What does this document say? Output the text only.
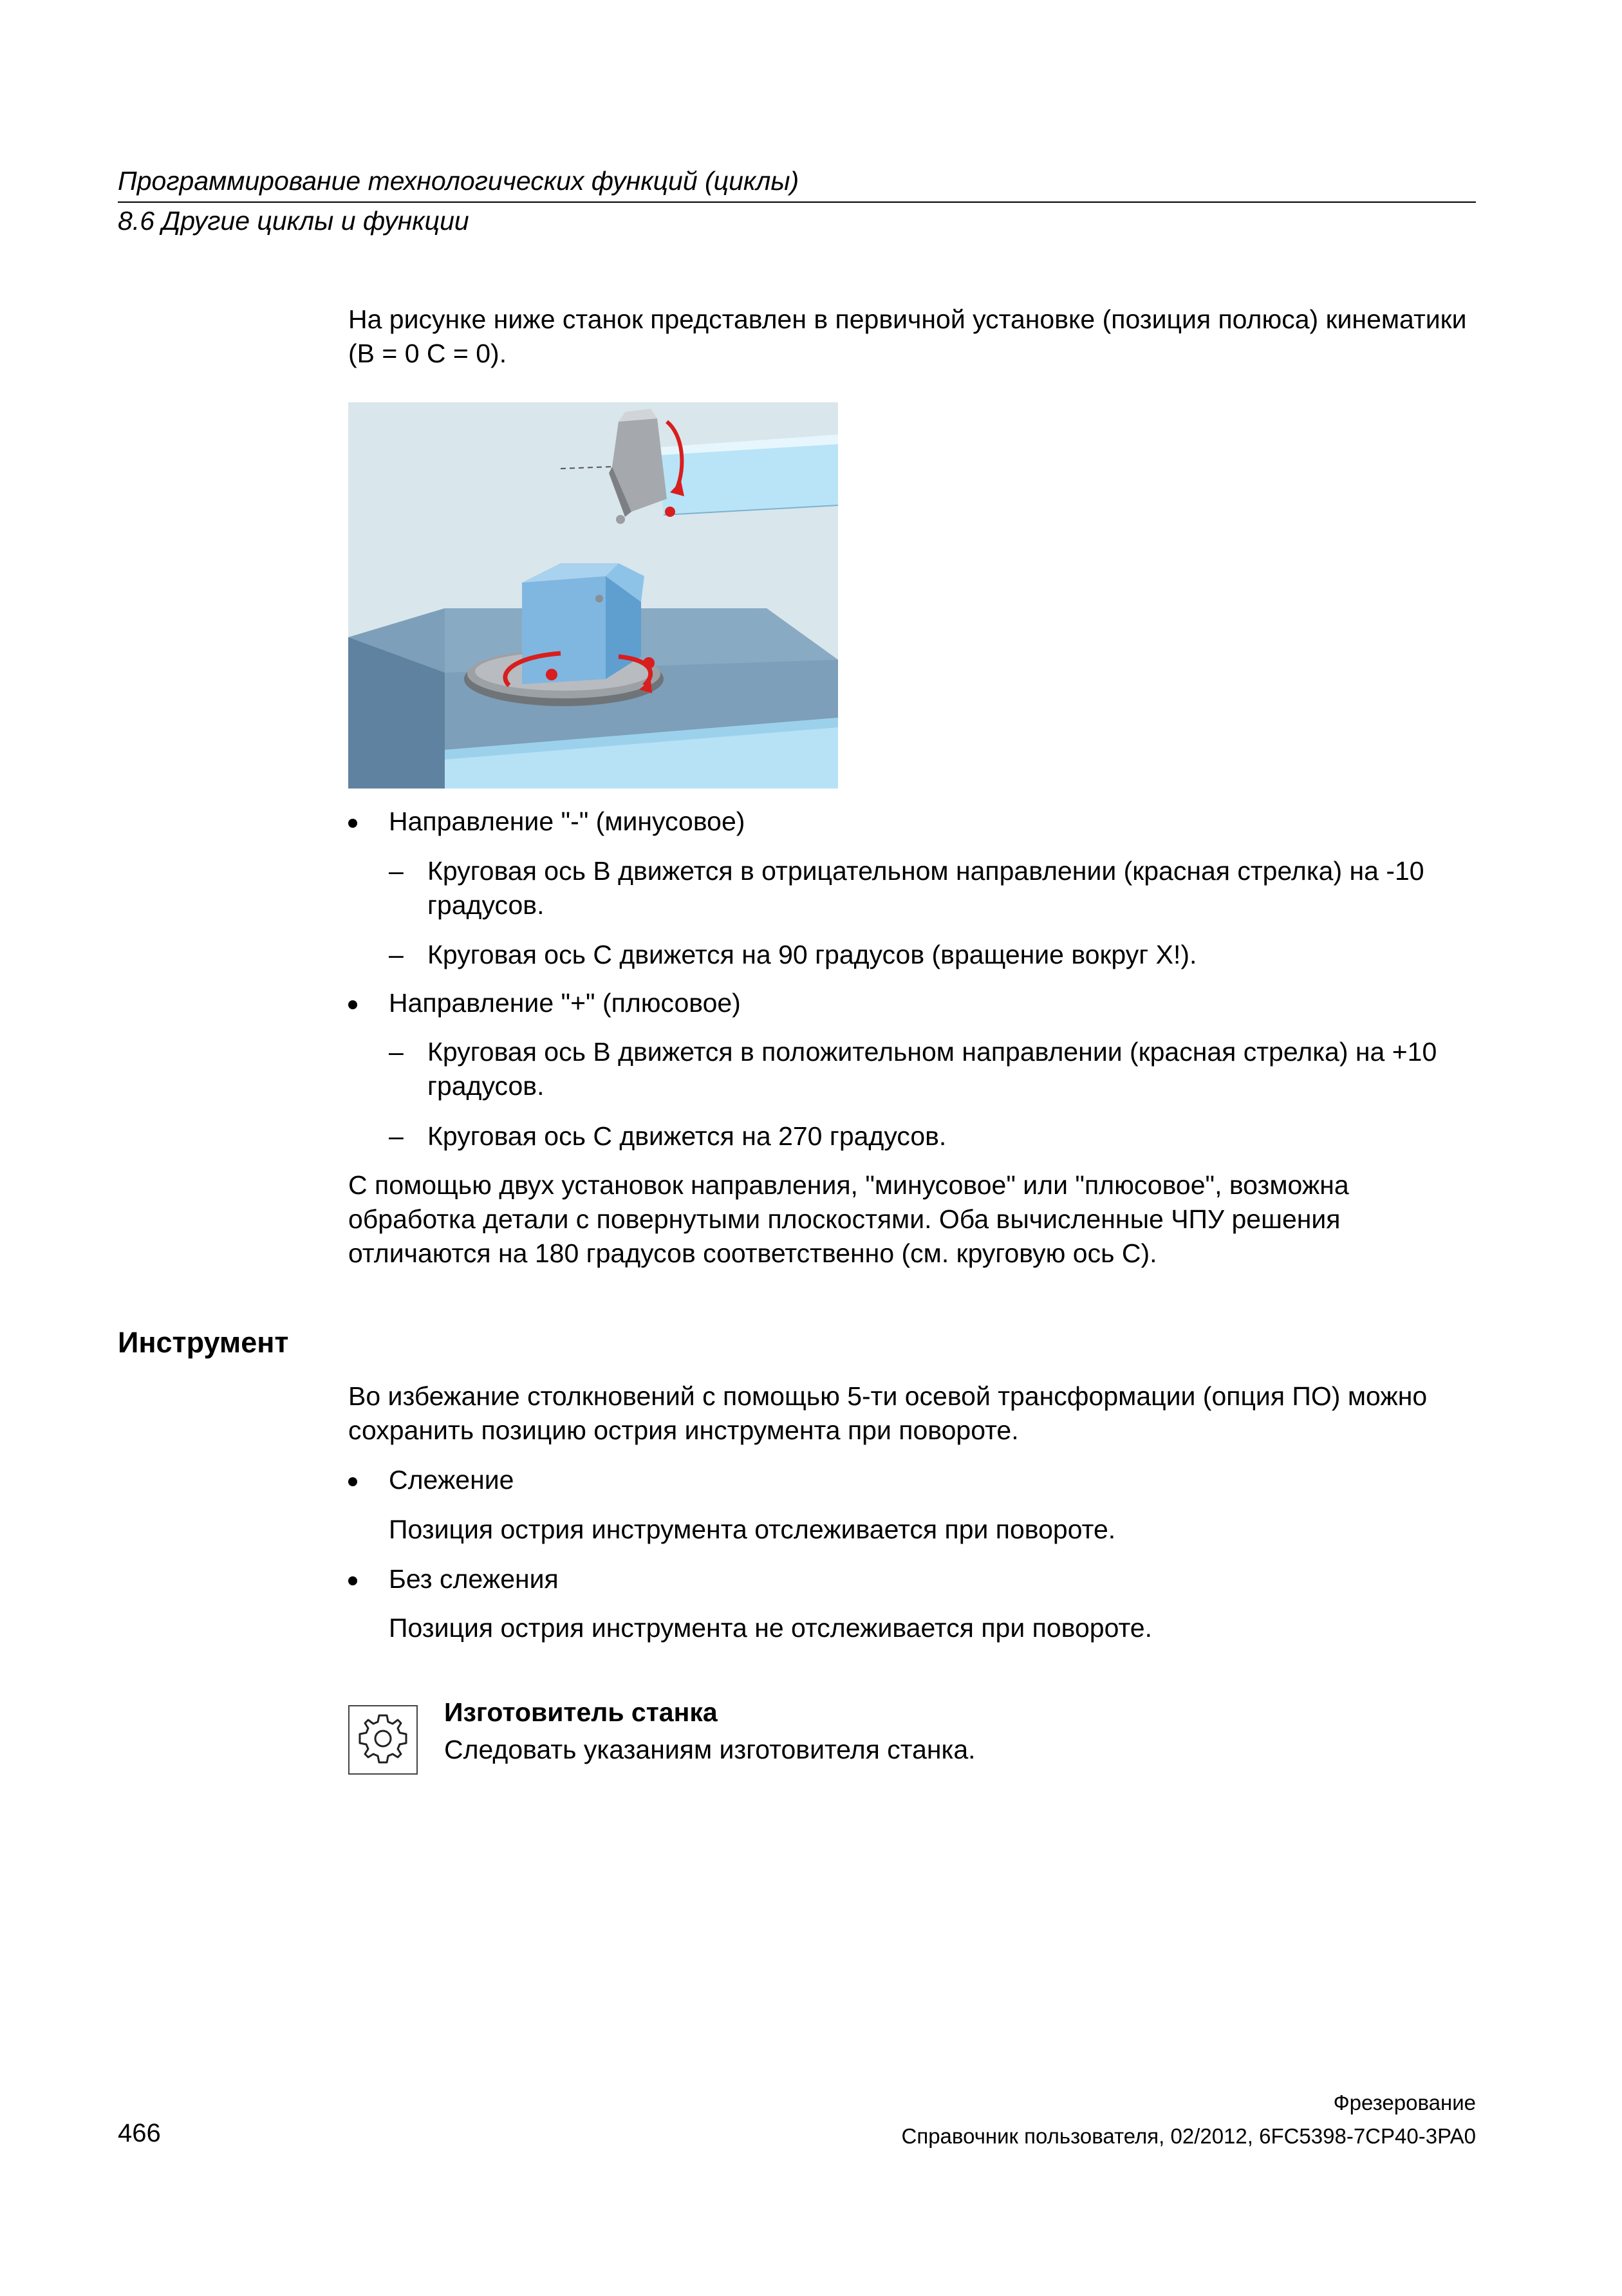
Программирование технологических функций (циклы)
8.6 Другие циклы и функции
На рисунке ниже станок представлен в первичной установке (позиция полюса) кинематики (B = 0 C = 0).
Направление "-" (минусовое)
– Круговая ось B движется в отрицательном направлении (красная стрелка) на -10 градусов.
– Круговая ось C движется на 90 градусов (вращение вокруг X!).
Направление "+" (плюсовое)
– Круговая ось B движется в положительном направлении (красная стрелка) на +10 градусов.
– Круговая ось C движется на 270 градусов.
С помощью двух установок направления, "минусовое" или "плюсовое", возможна обработка детали с повернутыми плоскостями. Оба вычисленные ЧПУ решения отличаются на 180 градусов соответственно (см. круговую ось C).
Инструмент
Во избежание столкновений с помощью 5-ти осевой трансформации (опция ПО) можно сохранить позицию острия инструмента при повороте.
Слежение
Позиция острия инструмента отслеживается при повороте.
Без слежения
Позиция острия инструмента не отслеживается при повороте.
Изготовитель станка
Следовать указаниям изготовителя станка.
466
Фрезерование
Справочник пользователя, 02/2012, 6FC5398-7CP40-3PA0
